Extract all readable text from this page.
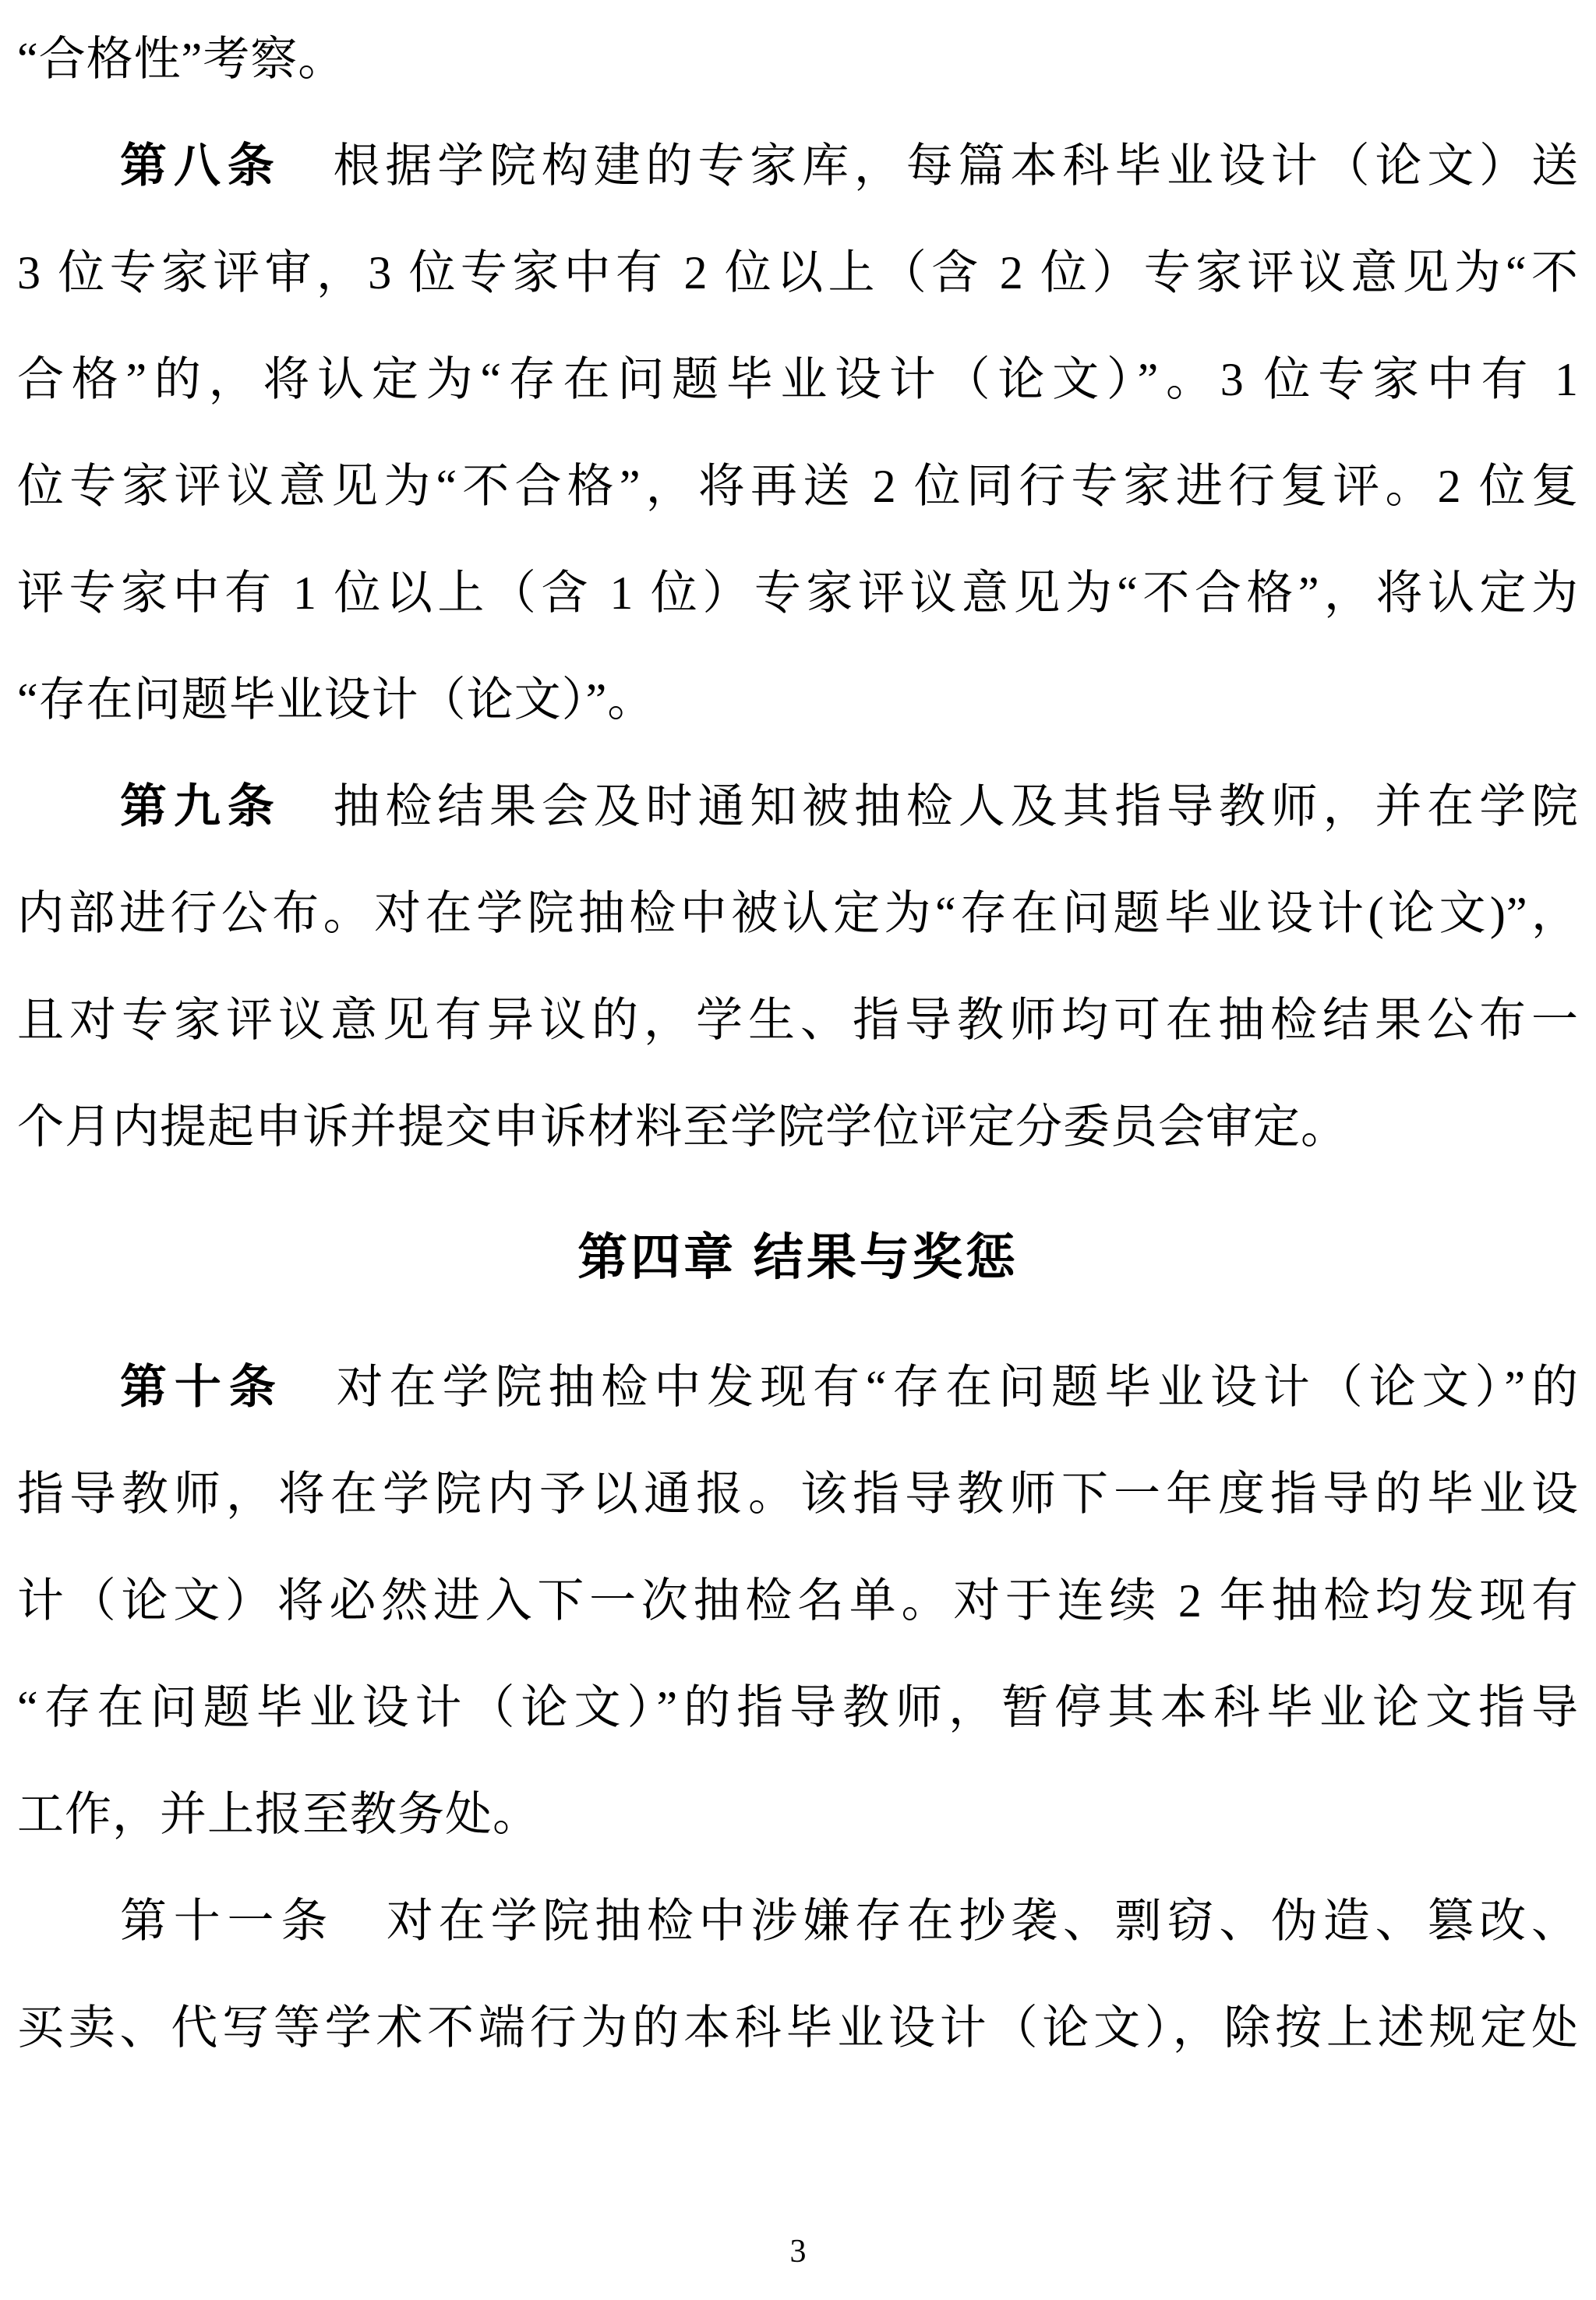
“合格性”考察。
第八条　根据学院构建的专家库，每篇本科毕业设计（论文）送
3 位专家评审，3 位专家中有 2 位以上（含 2 位）专家评议意见为“不
合格”的，将认定为“存在问题毕业设计（论文）”。3 位专家中有 1
位专家评议意见为“不合格”，将再送 2 位同行专家进行复评。2 位复
评专家中有 1 位以上（含 1 位）专家评议意见为“不合格”，将认定为
“存在问题毕业设计（论文）”。
第九条　抽检结果会及时通知被抽检人及其指导教师，并在学院
内部进行公布。对在学院抽检中被认定为“存在问题毕业设计(论文)”，
且对专家评议意见有异议的，学生、指导教师均可在抽检结果公布一
个月内提起申诉并提交申诉材料至学院学位评定分委员会审定。
第四章 结果与奖惩
第十条　对在学院抽检中发现有“存在问题毕业设计（论文）”的
指导教师，将在学院内予以通报。该指导教师下一年度指导的毕业设
计（论文）将必然进入下一次抽检名单。对于连续 2 年抽检均发现有
“存在问题毕业设计（论文）”的指导教师，暂停其本科毕业论文指导
工作，并上报至教务处。
第十一条　对在学院抽检中涉嫌存在抄袭、剽窃、伪造、篡改、
买卖、代写等学术不端行为的本科毕业设计（论文），除按上述规定处
3
